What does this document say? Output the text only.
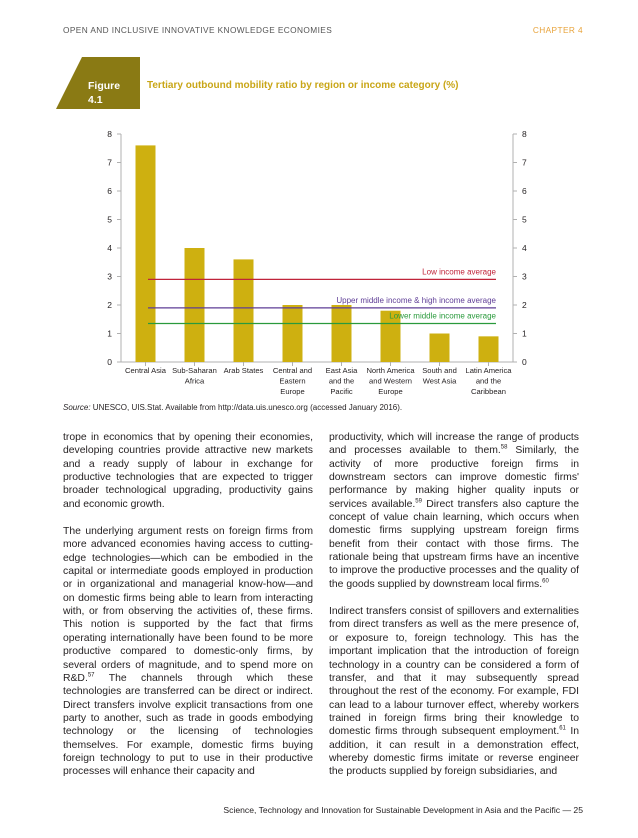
OPEN AND INCLUSIVE INNOVATIVE KNOWLEDGE ECONOMIES	CHAPTER 4
Figure
4.1
Tertiary outbound mobility ratio by region or income category (%)
0	0
1	1
2	2
3	3
4	4
5	5
6	6
7	7
8	8
Central Asia Sub-Saharan Africa
Arab States Central and Eastern Europe
East Asia and the Pacific
North America and Western Europe
South and West Asia
Latin America and the Caribbean
Low income average
Upper middle income & high income average
Lower middle income average
Source: UNESCO, UIS.Stat. Available from http://data.uis.unesco.org (accessed January 2016).

trope in economics that by opening their economies, developing countries provide attractive new markets and a ready supply of labour in exchange for productive technologies that are expected to trigger broader technological upgrading, productivity gains and economic growth.

The underlying argument rests on foreign firms from more advanced economies having access to cutting-edge technologies—which can be embodied in the capital or intermediate goods employed in production or in organizational and managerial know-how—and on domestic firms being able to learn from interacting with, or from observing the activities of, these firms. This notion is supported by the fact that firms operating internationally have been found to be more productive compared to domestic-only firms, by several orders of magnitude, and to spend more on R&D.$^{57}$ The channels through which these technologies are transferred can be direct or indirect. Direct transfers involve explicit transactions from one party to another, such as trade in goods embodying technology or the licensing of technologies themselves. For example, domestic firms buying foreign technology to put to use in their productive processes will enhance their capacity and

productivity, which will increase the range of products and processes available to them.$^{58}$ Similarly, the activity of more productive foreign firms in downstream sectors can improve domestic firms' performance by making higher quality inputs or services available.$^{59}$ Direct transfers also capture the concept of value chain learning, which occurs when domestic firms supplying upstream foreign firms benefit from their contact with those firms. The rationale being that upstream firms have an incentive to improve the productive processes and the quality of the goods supplied by downstream local firms.$^{60}$

Indirect transfers consist of spillovers and externalities from direct transfers as well as the mere presence of, or exposure to, foreign technology. This has the important implication that the introduction of foreign technology in a country can be considered a form of transfer, and that it may subsequently spread throughout the rest of the economy. For example, FDI can lead to a labour turnover effect, whereby workers trained in foreign firms bring their knowledge to domestic firms through subsequent employment.$^{61}$ In addition, it can result in a demonstration effect, whereby domestic firms imitate or reverse engineer the products supplied by foreign subsidiaries, and

Science, Technology and Innovation for Sustainable Development in Asia and the Pacific — 25
